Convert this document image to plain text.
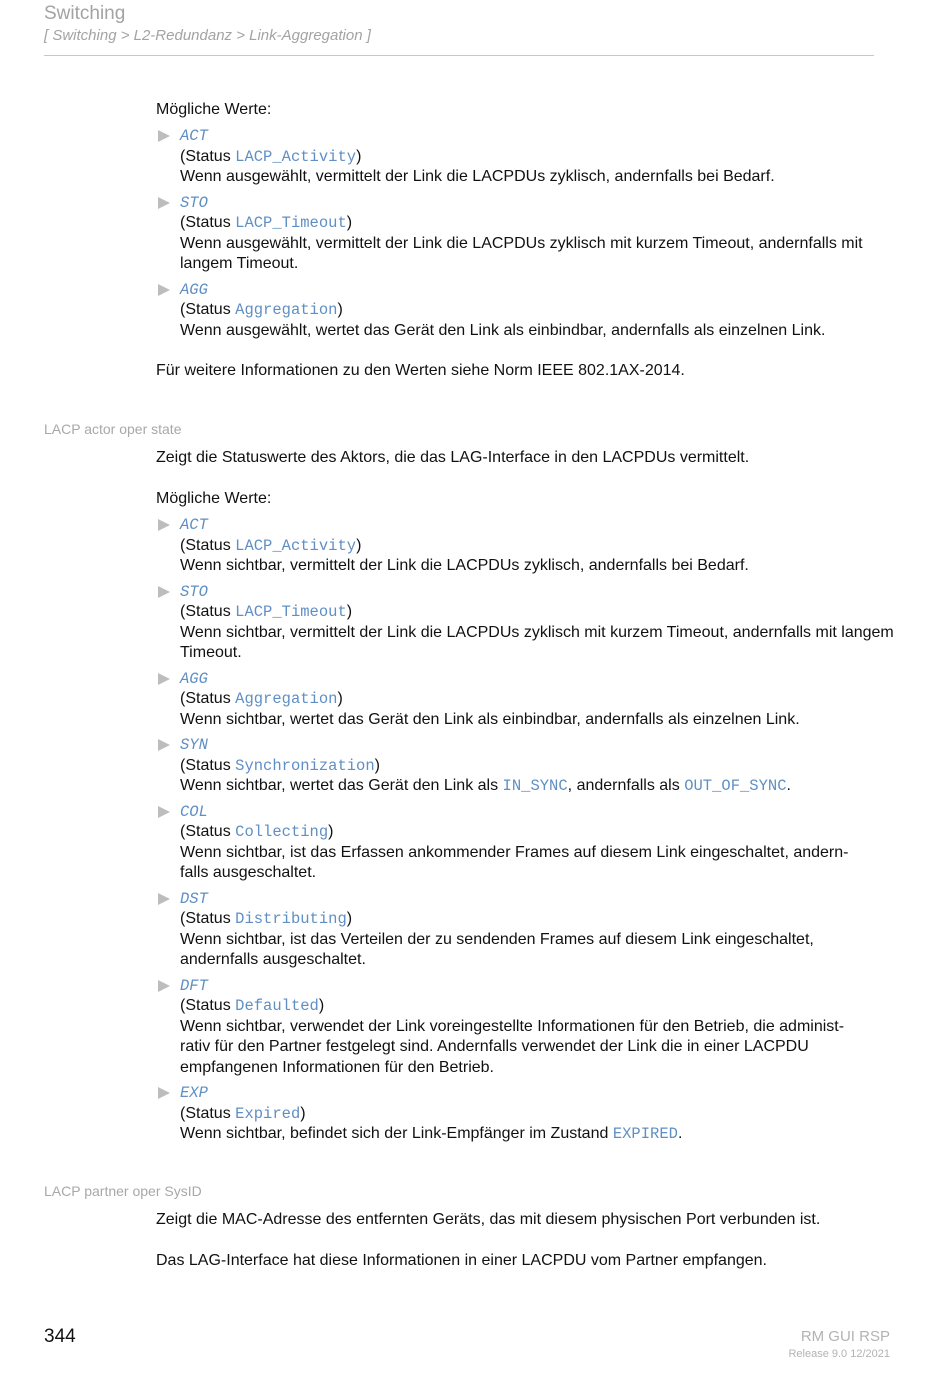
Switching
[ Switching > L2-Redundanz > Link-Aggregation ]
Mögliche Werte:
ACT
(Status LACP_Activity)
Wenn ausgewählt, vermittelt der Link die LACPDUs zyklisch, andernfalls bei Bedarf.
STO
(Status LACP_Timeout)
Wenn ausgewählt, vermittelt der Link die LACPDUs zyklisch mit kurzem Timeout, andernfalls mit langem Timeout.
AGG
(Status Aggregation)
Wenn ausgewählt, wertet das Gerät den Link als einbindbar, andernfalls als einzelnen Link.
Für weitere Informationen zu den Werten siehe Norm IEEE 802.1AX-2014.
LACP actor oper state
Zeigt die Statuswerte des Aktors, die das LAG-Interface in den LACPDUs vermittelt.
Mögliche Werte:
ACT
(Status LACP_Activity)
Wenn sichtbar, vermittelt der Link die LACPDUs zyklisch, andernfalls bei Bedarf.
STO
(Status LACP_Timeout)
Wenn sichtbar, vermittelt der Link die LACPDUs zyklisch mit kurzem Timeout, andernfalls mit langem Timeout.
AGG
(Status Aggregation)
Wenn sichtbar, wertet das Gerät den Link als einbindbar, andernfalls als einzelnen Link.
SYN
(Status Synchronization)
Wenn sichtbar, wertet das Gerät den Link als IN_SYNC, andernfalls als OUT_OF_SYNC.
COL
(Status Collecting)
Wenn sichtbar, ist das Erfassen ankommender Frames auf diesem Link eingeschaltet, andern-
falls ausgeschaltet.
DST
(Status Distributing)
Wenn sichtbar, ist das Verteilen der zu sendenden Frames auf diesem Link eingeschaltet, andernfalls ausgeschaltet.
DFT
(Status Defaulted)
Wenn sichtbar, verwendet der Link voreingestellte Informationen für den Betrieb, die administ-
rativ für den Partner festgelegt sind. Andernfalls verwendet der Link die in einer LACPDU
empfangenen Informationen für den Betrieb.
EXP
(Status Expired)
Wenn sichtbar, befindet sich der Link-Empfänger im Zustand EXPIRED.
LACP partner oper SysID
Zeigt die MAC-Adresse des entfernten Geräts, das mit diesem physischen Port verbunden ist.
Das LAG-Interface hat diese Informationen in einer LACPDU vom Partner empfangen.
344	RM GUI RSP
Release 9.0 12/2021
